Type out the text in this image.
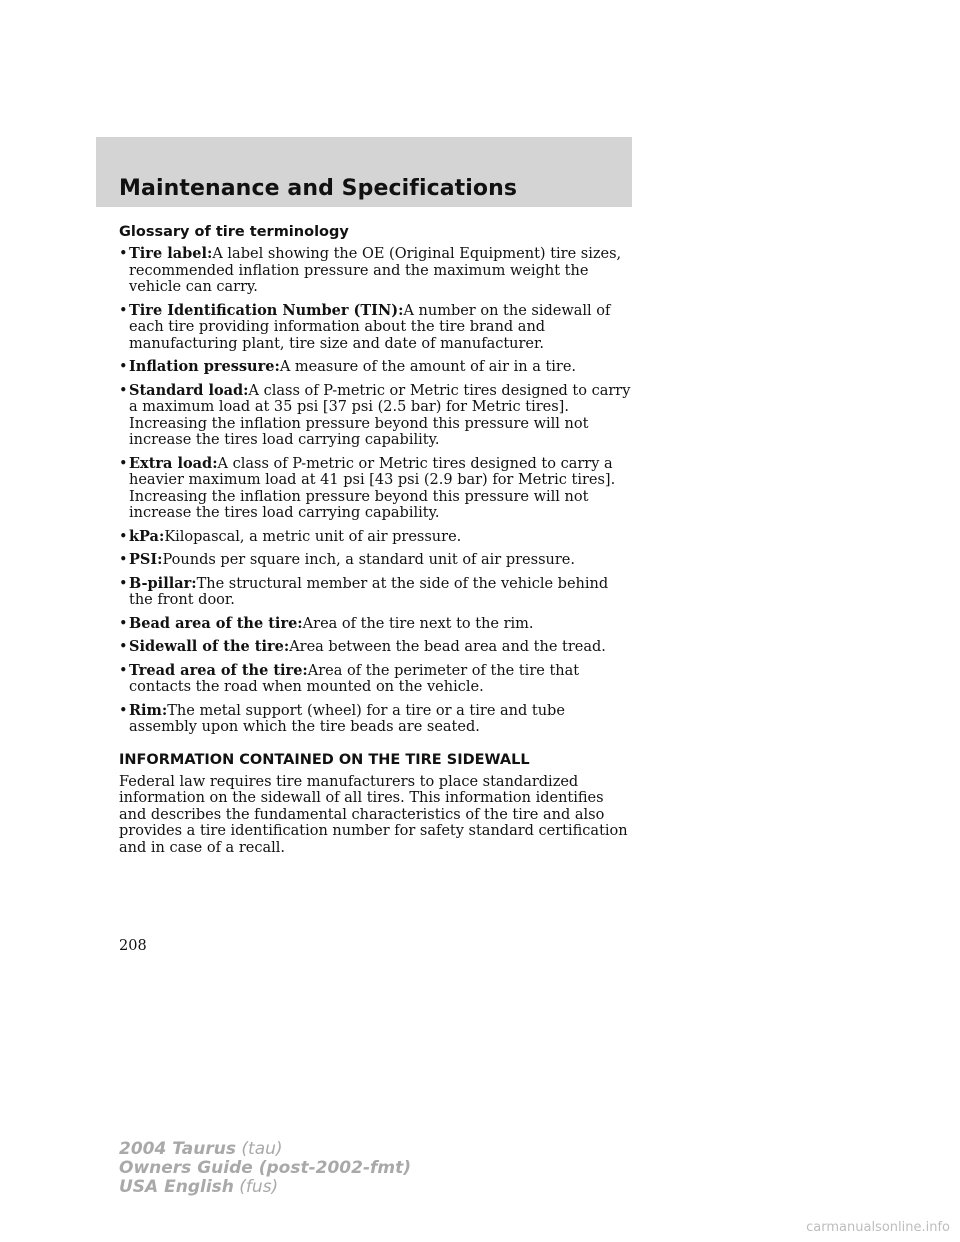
Maintenance and Specifications
Glossary of tire terminology
• Tire label:A label showing the OE (Original Equipment) tire sizes, recommended inflation pressure and the maximum weight the vehicle can carry.
• Tire Identification Number (TIN):A number on the sidewall of each tire providing information about the tire brand and manufacturing plant, tire size and date of manufacturer.
• Inflation pressure:A measure of the amount of air in a tire.
• Standard load:A class of P-metric or Metric tires designed to carry a maximum load at 35 psi [37 psi (2.5 bar) for Metric tires]. Increasing the inflation pressure beyond this pressure will not increase the tires load carrying capability.
• Extra load:A class of P-metric or Metric tires designed to carry a heavier maximum load at 41 psi [43 psi (2.9 bar) for Metric tires]. Increasing the inflation pressure beyond this pressure will not increase the tires load carrying capability.
• kPa:Kilopascal, a metric unit of air pressure.
• PSI:Pounds per square inch, a standard unit of air pressure.
• B-pillar:The structural member at the side of the vehicle behind the front door.
• Bead area of the tire:Area of the tire next to the rim.
• Sidewall of the tire:Area between the bead area and the tread.
• Tread area of the tire:Area of the perimeter of the tire that contacts the road when mounted on the vehicle.
• Rim:The metal support (wheel) for a tire or a tire and tube assembly upon which the tire beads are seated.
INFORMATION CONTAINED ON THE TIRE SIDEWALL

Federal law requires tire manufacturers to place standardized information on the sidewall of all tires. This information identifies and describes the fundamental characteristics of the tire and also provides a tire identification number for safety standard certification and in case of a recall.

208
2004 Taurus (tau)
Owners Guide (post-2002-fmt)
USA English (fus)
carmanualsonline.info
